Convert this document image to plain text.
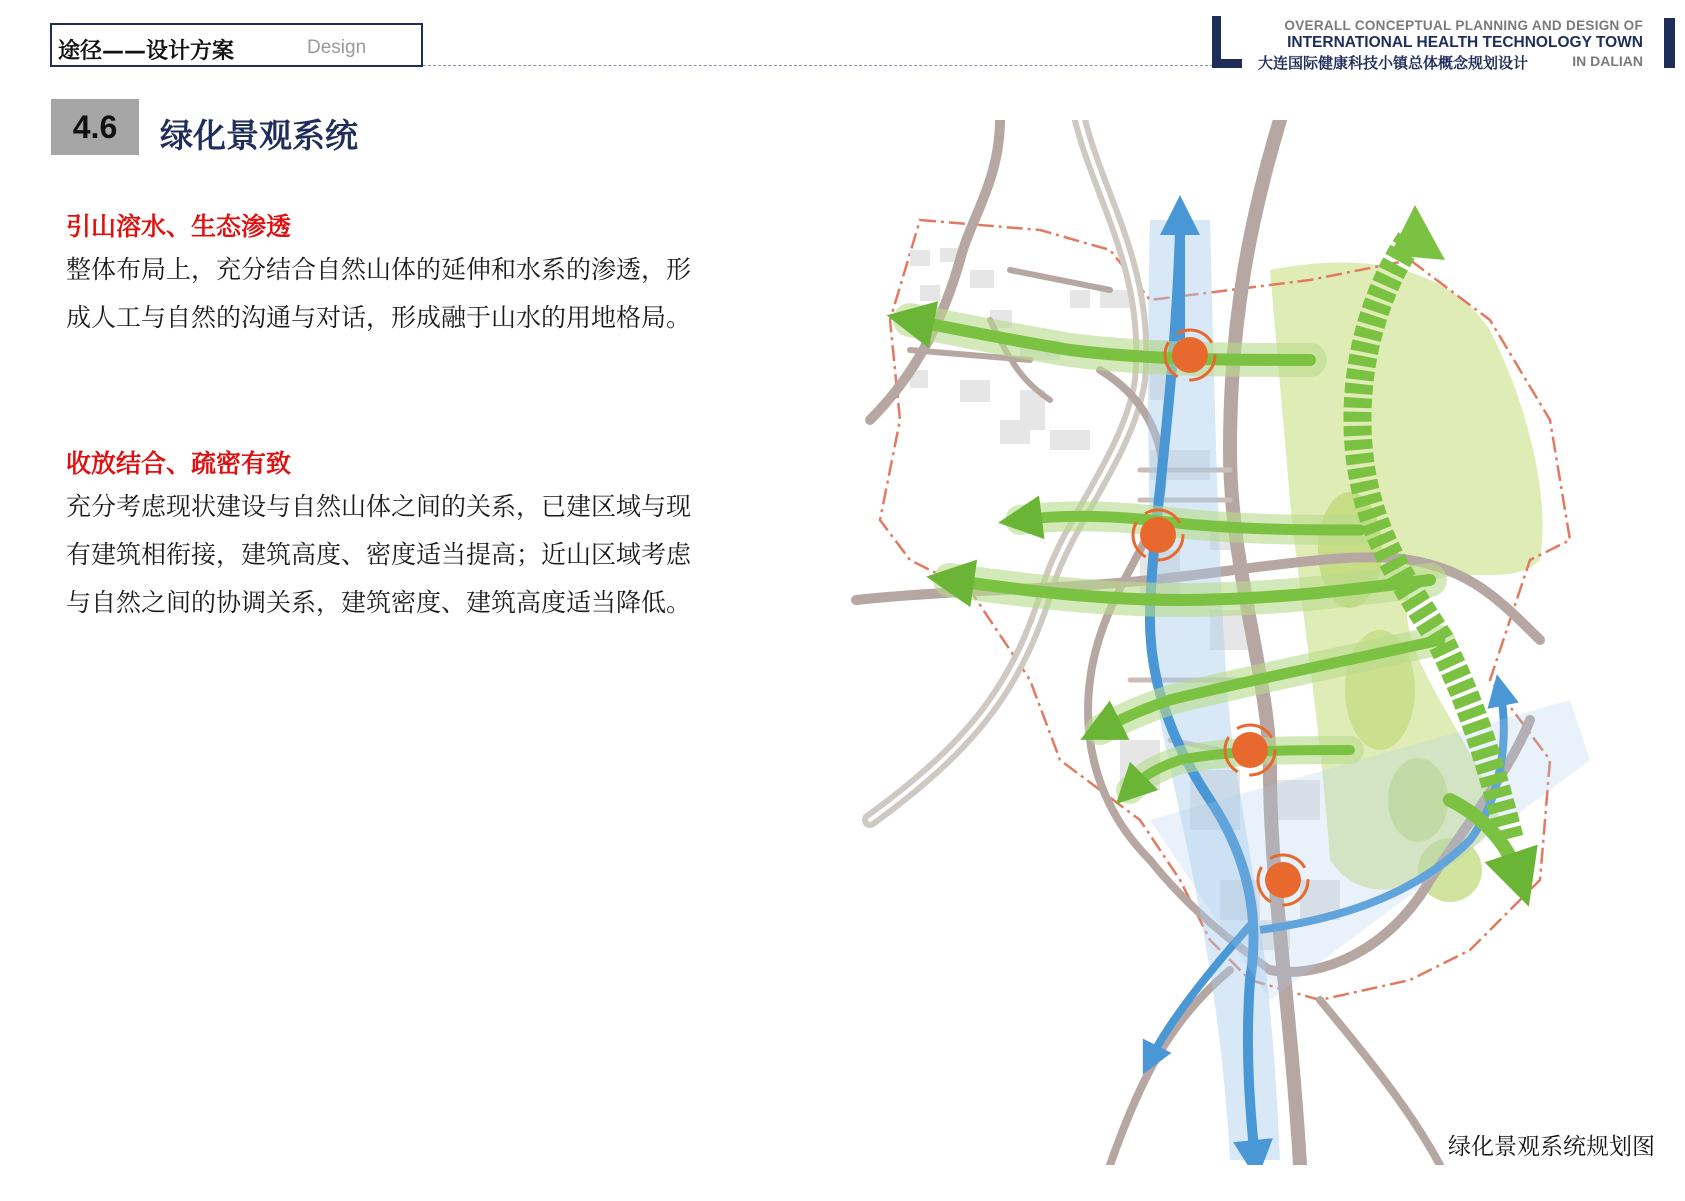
途径——设计方案	Design
OVERALL CONCEPTUAL PLANNING AND DESIGN OF
INTERNATIONAL HEALTH TECHNOLOGY TOWN
大连国际健康科技小镇总体概念规划设计	IN DALIAN
4.6	绿化景观系统
引山溶水、生态渗透
整体布局上，充分结合自然山体的延伸和水系的渗透，形成人工与自然的沟通与对话，形成融于山水的用地格局。
收放结合、疏密有致
充分考虑现状建设与自然山体之间的关系，已建区域与现有建筑相衔接，建筑高度、密度适当提高；近山区域考虑与自然之间的协调关系，建筑密度、建筑高度适当降低。
绿化景观系统规划图
